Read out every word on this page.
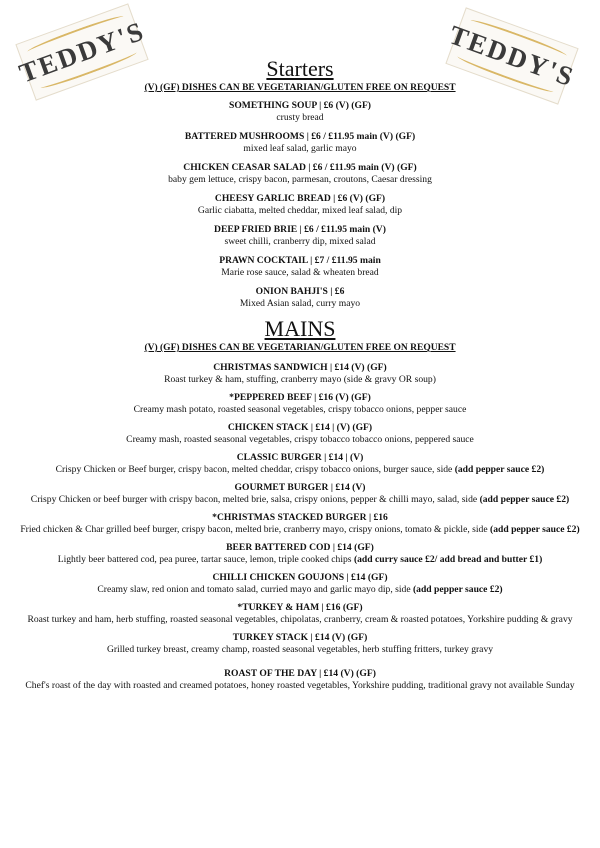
TEDDY'S	TEDDY'S
Starters
(V) (GF) DISHES CAN BE VEGETARIAN/GLUTEN FREE ON REQUEST
SOMETHING SOUP | £6 (V) (GF)
crusty bread
BATTERED MUSHROOMS | £6 / £11.95 main (V) (GF)
mixed leaf salad, garlic mayo
CHICKEN CEASAR SALAD | £6 / £11.95 main (V) (GF)
baby gem lettuce, crispy bacon, parmesan, croutons, Caesar dressing
CHEESY GARLIC BREAD | £6 (V) (GF)
Garlic ciabatta, melted cheddar, mixed leaf salad, dip
DEEP FRIED BRIE | £6 / £11.95 main (V)
sweet chilli, cranberry dip, mixed salad
PRAWN COCKTAIL | £7 / £11.95 main
Marie rose sauce, salad & wheaten bread
ONION BAHJI'S | £6
Mixed Asian salad, curry mayo
MAINS
(V) (GF) DISHES CAN BE VEGETARIAN/GLUTEN FREE ON REQUEST
CHRISTMAS SANDWICH | £14 (V) (GF)
Roast turkey & ham, stuffing, cranberry mayo (side & gravy OR soup)
*PEPPERED BEEF | £16 (V) (GF)
Creamy mash potato, roasted seasonal vegetables, crispy tobacco onions, pepper sauce
CHICKEN STACK | £14 | (V) (GF)
Creamy mash, roasted seasonal vegetables, crispy tobacco tobacco onions, peppered sauce
CLASSIC BURGER | £14 | (V)
Crispy Chicken or Beef burger, crispy bacon, melted cheddar, crispy tobacco onions, burger sauce, side (add pepper sauce £2)
GOURMET BURGER | £14 (V)
Crispy Chicken or beef burger with crispy bacon, melted brie, salsa, crispy onions, pepper & chilli mayo, salad, side (add pepper sauce £2)
*CHRISTMAS STACKED BURGER | £16
Fried chicken & Char grilled beef burger, crispy bacon, melted brie, cranberry mayo, crispy onions, tomato & pickle, side (add pepper sauce £2)
BEER BATTERED COD | £14 (GF)
Lightly beer battered cod, pea puree, tartar sauce, lemon, triple cooked chips (add curry sauce £2/ add bread and butter £1)
CHILLI CHICKEN GOUJONS | £14 (GF)
Creamy slaw, red onion and tomato salad, curried mayo and garlic mayo dip, side (add pepper sauce £2)
*TURKEY & HAM | £16 (GF)
Roast turkey and ham, herb stuffing, roasted seasonal vegetables, chipolatas, cranberry, cream & roasted potatoes, Yorkshire pudding & gravy
TURKEY STACK | £14 (V) (GF)
Grilled turkey breast, creamy champ, roasted seasonal vegetables, herb stuffing fritters, turkey gravy
ROAST OF THE DAY | £14 (V) (GF)
Chef's roast of the day with roasted and creamed potatoes, honey roasted vegetables, Yorkshire pudding, traditional gravy not available Sunday
